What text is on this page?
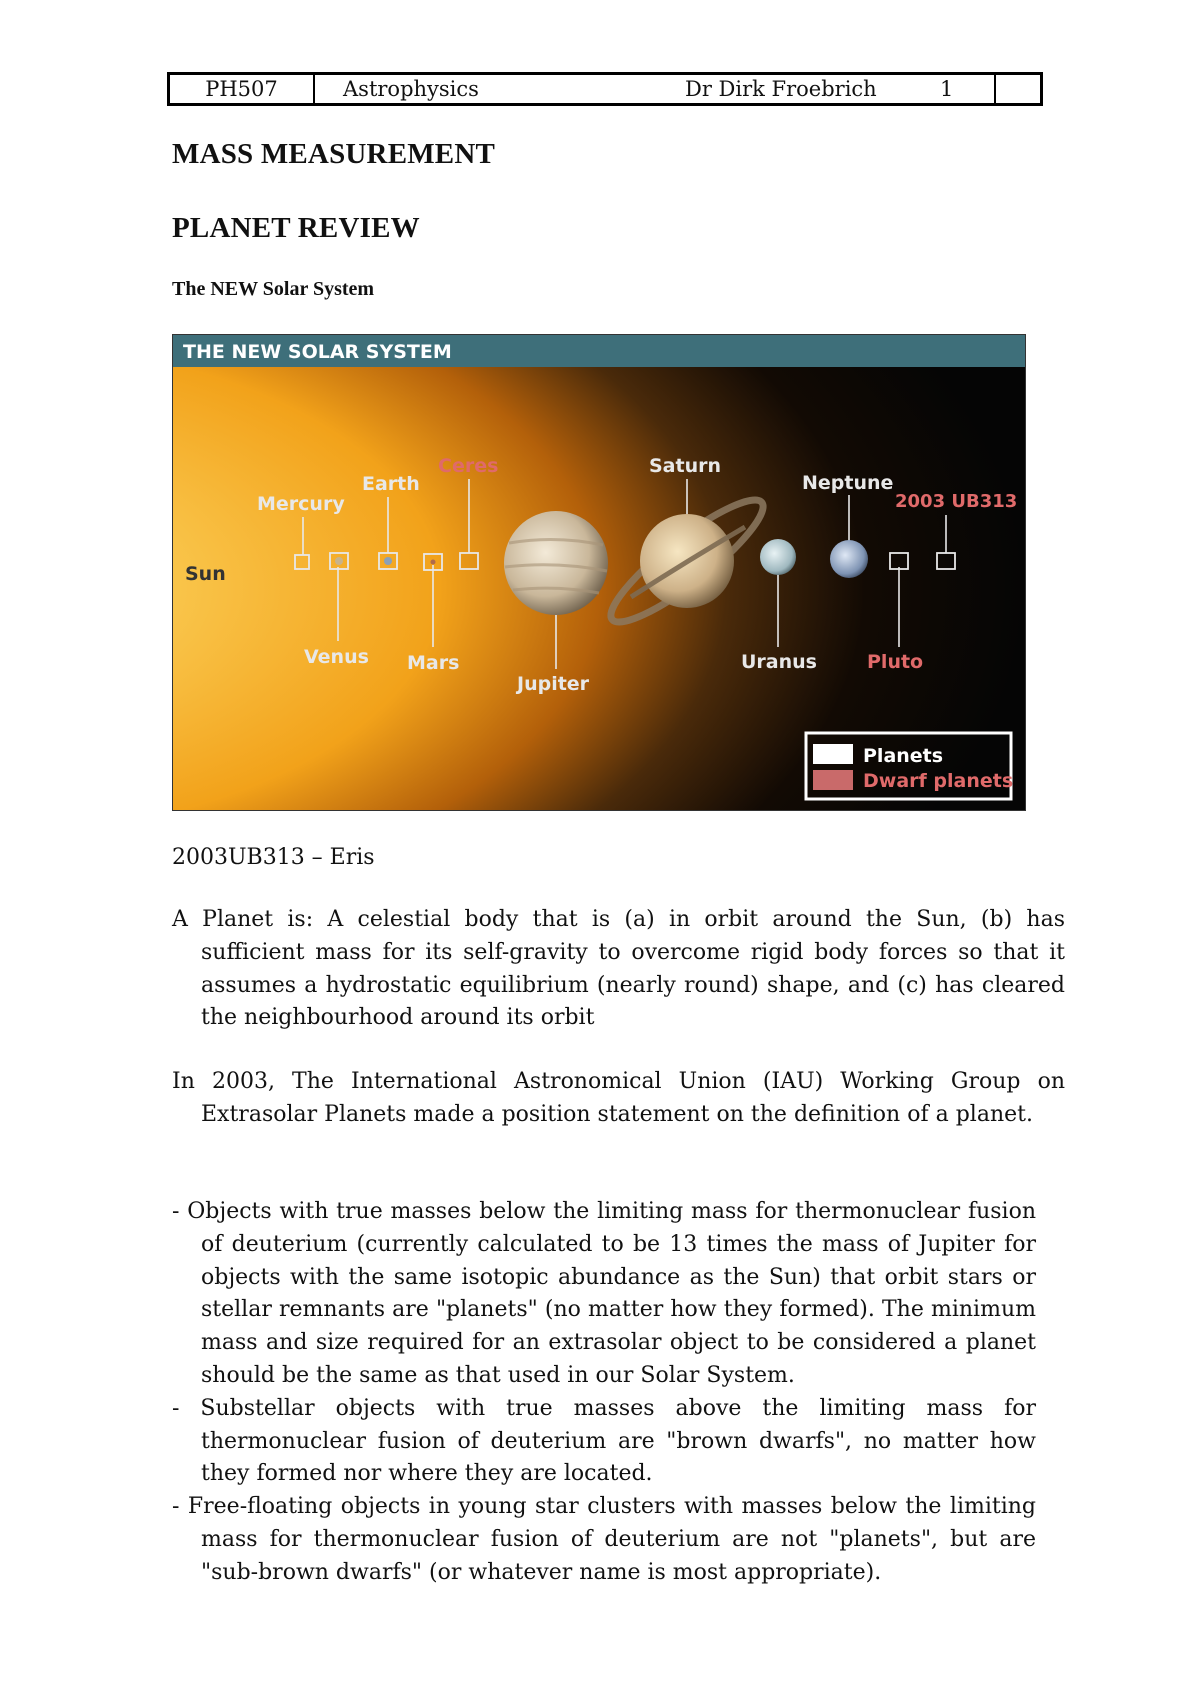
PH507	Astrophysics	Dr Dirk Froebrich	1
MASS MEASUREMENT
PLANET REVIEW
The NEW Solar System
THE NEW SOLAR SYSTEM
Sun
Mercury
Venus
Earth
Mars
Ceres
Jupiter
Saturn
Uranus
Neptune
Pluto
2003 UB313
Planets
Dwarf planets

2003UB313 – Eris

A Planet is: A celestial body that is (a) in orbit around the Sun, (b) has sufficient mass for its self-gravity to overcome rigid body forces so that it assumes a hydrostatic equilibrium (nearly round) shape, and (c) has cleared the neighbourhood around its orbit

In 2003, The International Astronomical Union (IAU) Working Group on Extrasolar Planets made a position statement on the definition of a planet.

- Objects with true masses below the limiting mass for thermonuclear fusion of deuterium (currently calculated to be 13 times the mass of Jupiter for objects with the same isotopic abundance as the Sun) that orbit stars or stellar remnants are "planets" (no matter how they formed). The minimum mass and size required for an extrasolar object to be considered a planet should be the same as that used in our Solar System.

- Substellar objects with true masses above the limiting mass for thermonuclear fusion of deuterium are "brown dwarfs", no matter how they formed nor where they are located.

- Free-floating objects in young star clusters with masses below the limiting mass for thermonuclear fusion of deuterium are not "planets", but are "sub-brown dwarfs" (or whatever name is most appropriate).
